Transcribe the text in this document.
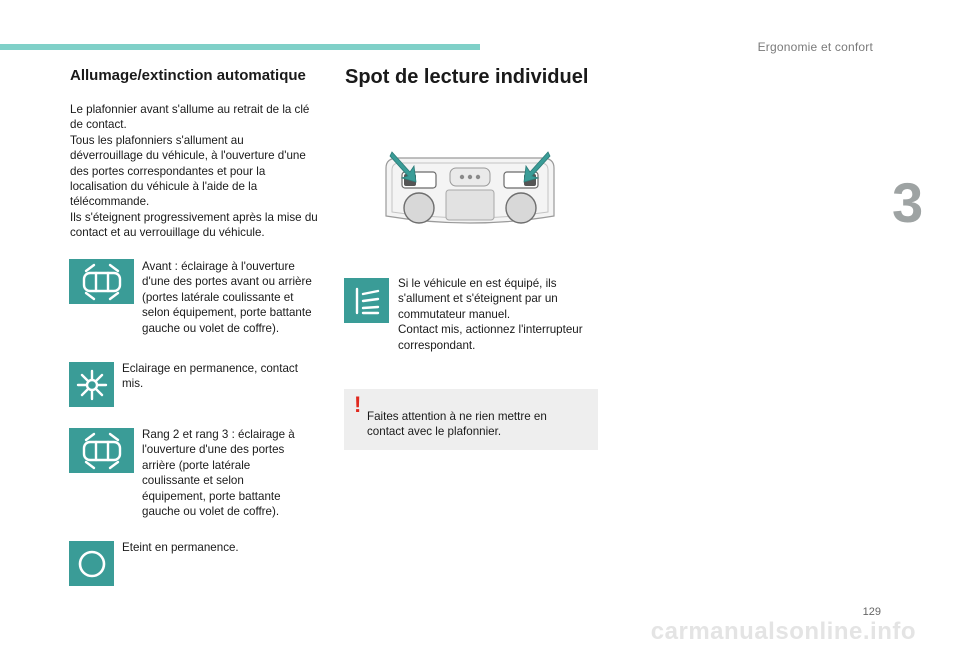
Ergonomie et confort
3
129
carmanualsonline.info
Allumage/extinction automatique

Le plafonnier avant s'allume au retrait de la clé de contact.
Tous les plafonniers s'allument au déverrouillage du véhicule, à l'ouverture d'une des portes correspondantes et pour la localisation du véhicule à l'aide de la télécommande.
Ils s'éteignent progressivement après la mise du contact et au verrouillage du véhicule.

Avant : éclairage à l'ouverture d'une des portes avant ou arrière (portes latérale coulissante et selon équipement, porte battante gauche ou volet de coffre).

Eclairage en permanence, contact mis.

Rang 2 et rang 3 : éclairage à l'ouverture d'une des portes arrière (porte latérale coulissante et selon équipement, porte battante gauche ou volet de coffre).

Eteint en permanence.

Spot de lecture individuel

Si le véhicule en est équipé, ils s'allument et s'éteignent par un commutateur manuel.
Contact mis, actionnez l'interrupteur correspondant.

! Faites attention à ne rien mettre en contact avec le plafonnier.
